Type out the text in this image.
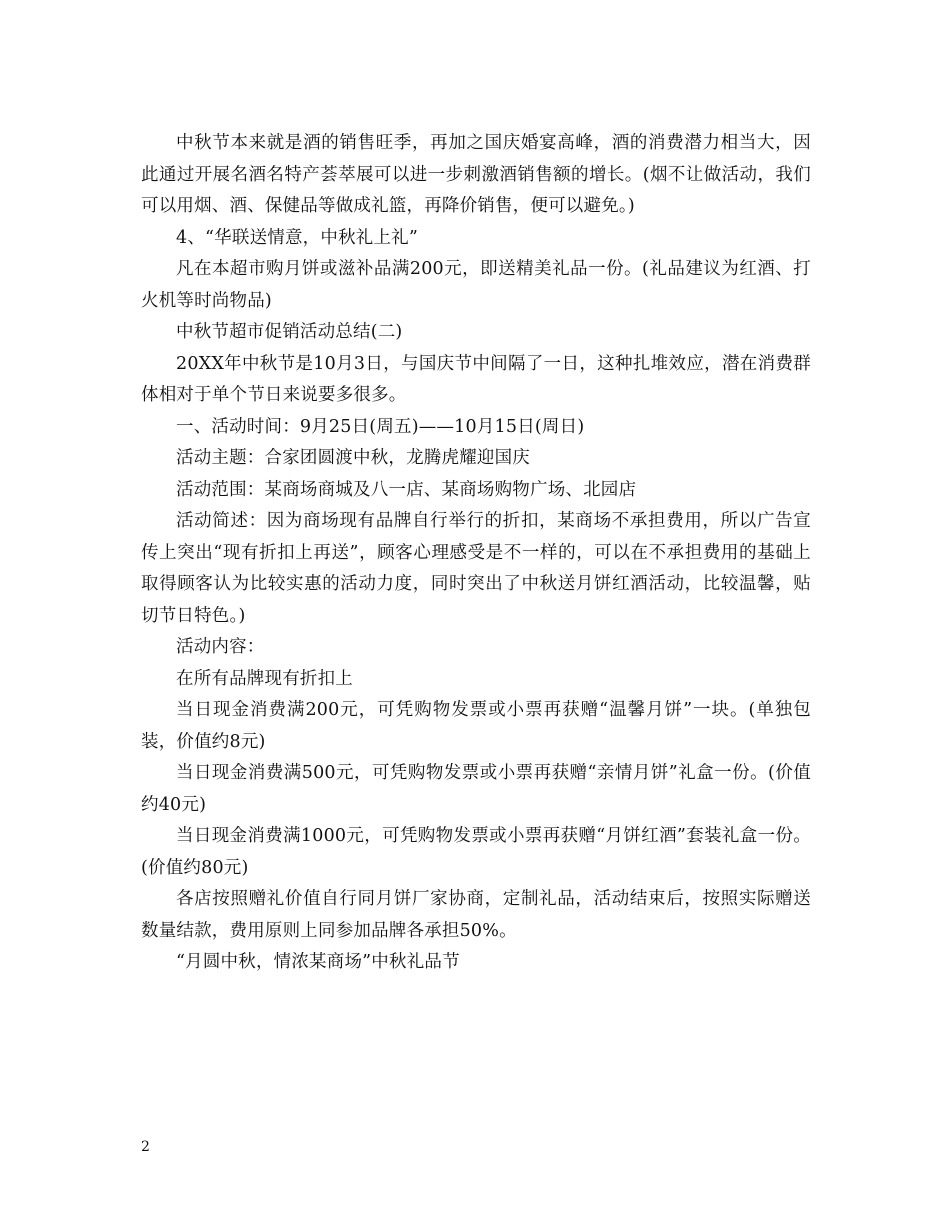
中秋节本来就是酒的销售旺季，再加之国庆婚宴高峰，酒的消费潜力相当大，因此通过开展名酒名特产荟萃展可以进一步刺激酒销售额的增长。(烟不让做活动，我们可以用烟、酒、保健品等做成礼篮，再降价销售，便可以避免。)

4、“华联送情意，中秋礼上礼”

凡在本超市购月饼或滋补品满200元，即送精美礼品一份。(礼品建议为红酒、打火机等时尚物品)

中秋节超市促销活动总结(二)

20XX年中秋节是10月3日，与国庆节中间隔了一日，这种扎堆效应，潜在消费群体相对于单个节日来说要多很多。

一、活动时间：9月25日(周五)——10月15日(周日)

活动主题：合家团圆渡中秋，龙腾虎耀迎国庆

活动范围：某商场商城及八一店、某商场购物广场、北园店

活动简述：因为商场现有品牌自行举行的折扣，某商场不承担费用，所以广告宣传上突出“现有折扣上再送”，顾客心理感受是不一样的，可以在不承担费用的基础上取得顾客认为比较实惠的活动力度，同时突出了中秋送月饼红酒活动，比较温馨，贴切节日特色。)

活动内容：

在所有品牌现有折扣上

当日现金消费满200元，可凭购物发票或小票再获赠“温馨月饼”一块。(单独包装，价值约8元)

当日现金消费满500元，可凭购物发票或小票再获赠“亲情月饼”礼盒一份。(价值约40元)

当日现金消费满1000元，可凭购物发票或小票再获赠“月饼红酒”套装礼盒一份。(价值约80元)

各店按照赠礼价值自行同月饼厂家协商，定制礼品，活动结束后，按照实际赠送数量结款，费用原则上同参加品牌各承担50%。

“月圆中秋，情浓某商场”中秋礼品节

2
